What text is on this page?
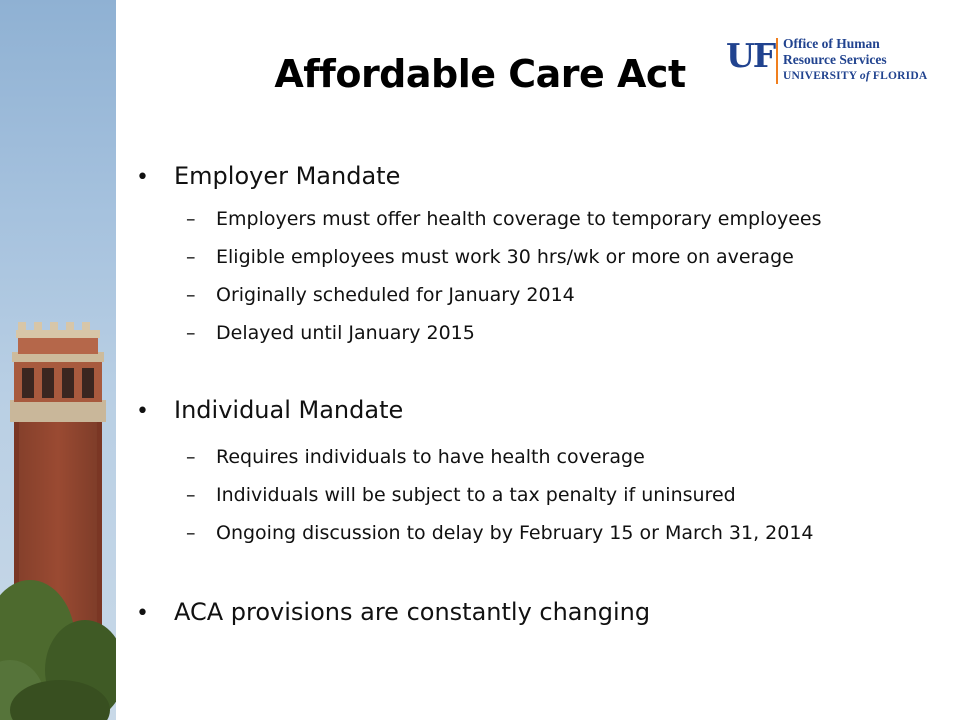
Affordable Care Act	UF Office of Human
Resource Services
UNIVERSITY of FLORIDA
• Employer Mandate
– Employers must offer health coverage to temporary employees
– Eligible employees must work 30 hrs/wk or more on average
– Originally scheduled for January 2014
– Delayed until January 2015
• Individual Mandate
– Requires individuals to have health coverage
– Individuals will be subject to a tax penalty if uninsured
– Ongoing discussion to delay by February 15 or March 31, 2014
• ACA provisions are constantly changing
